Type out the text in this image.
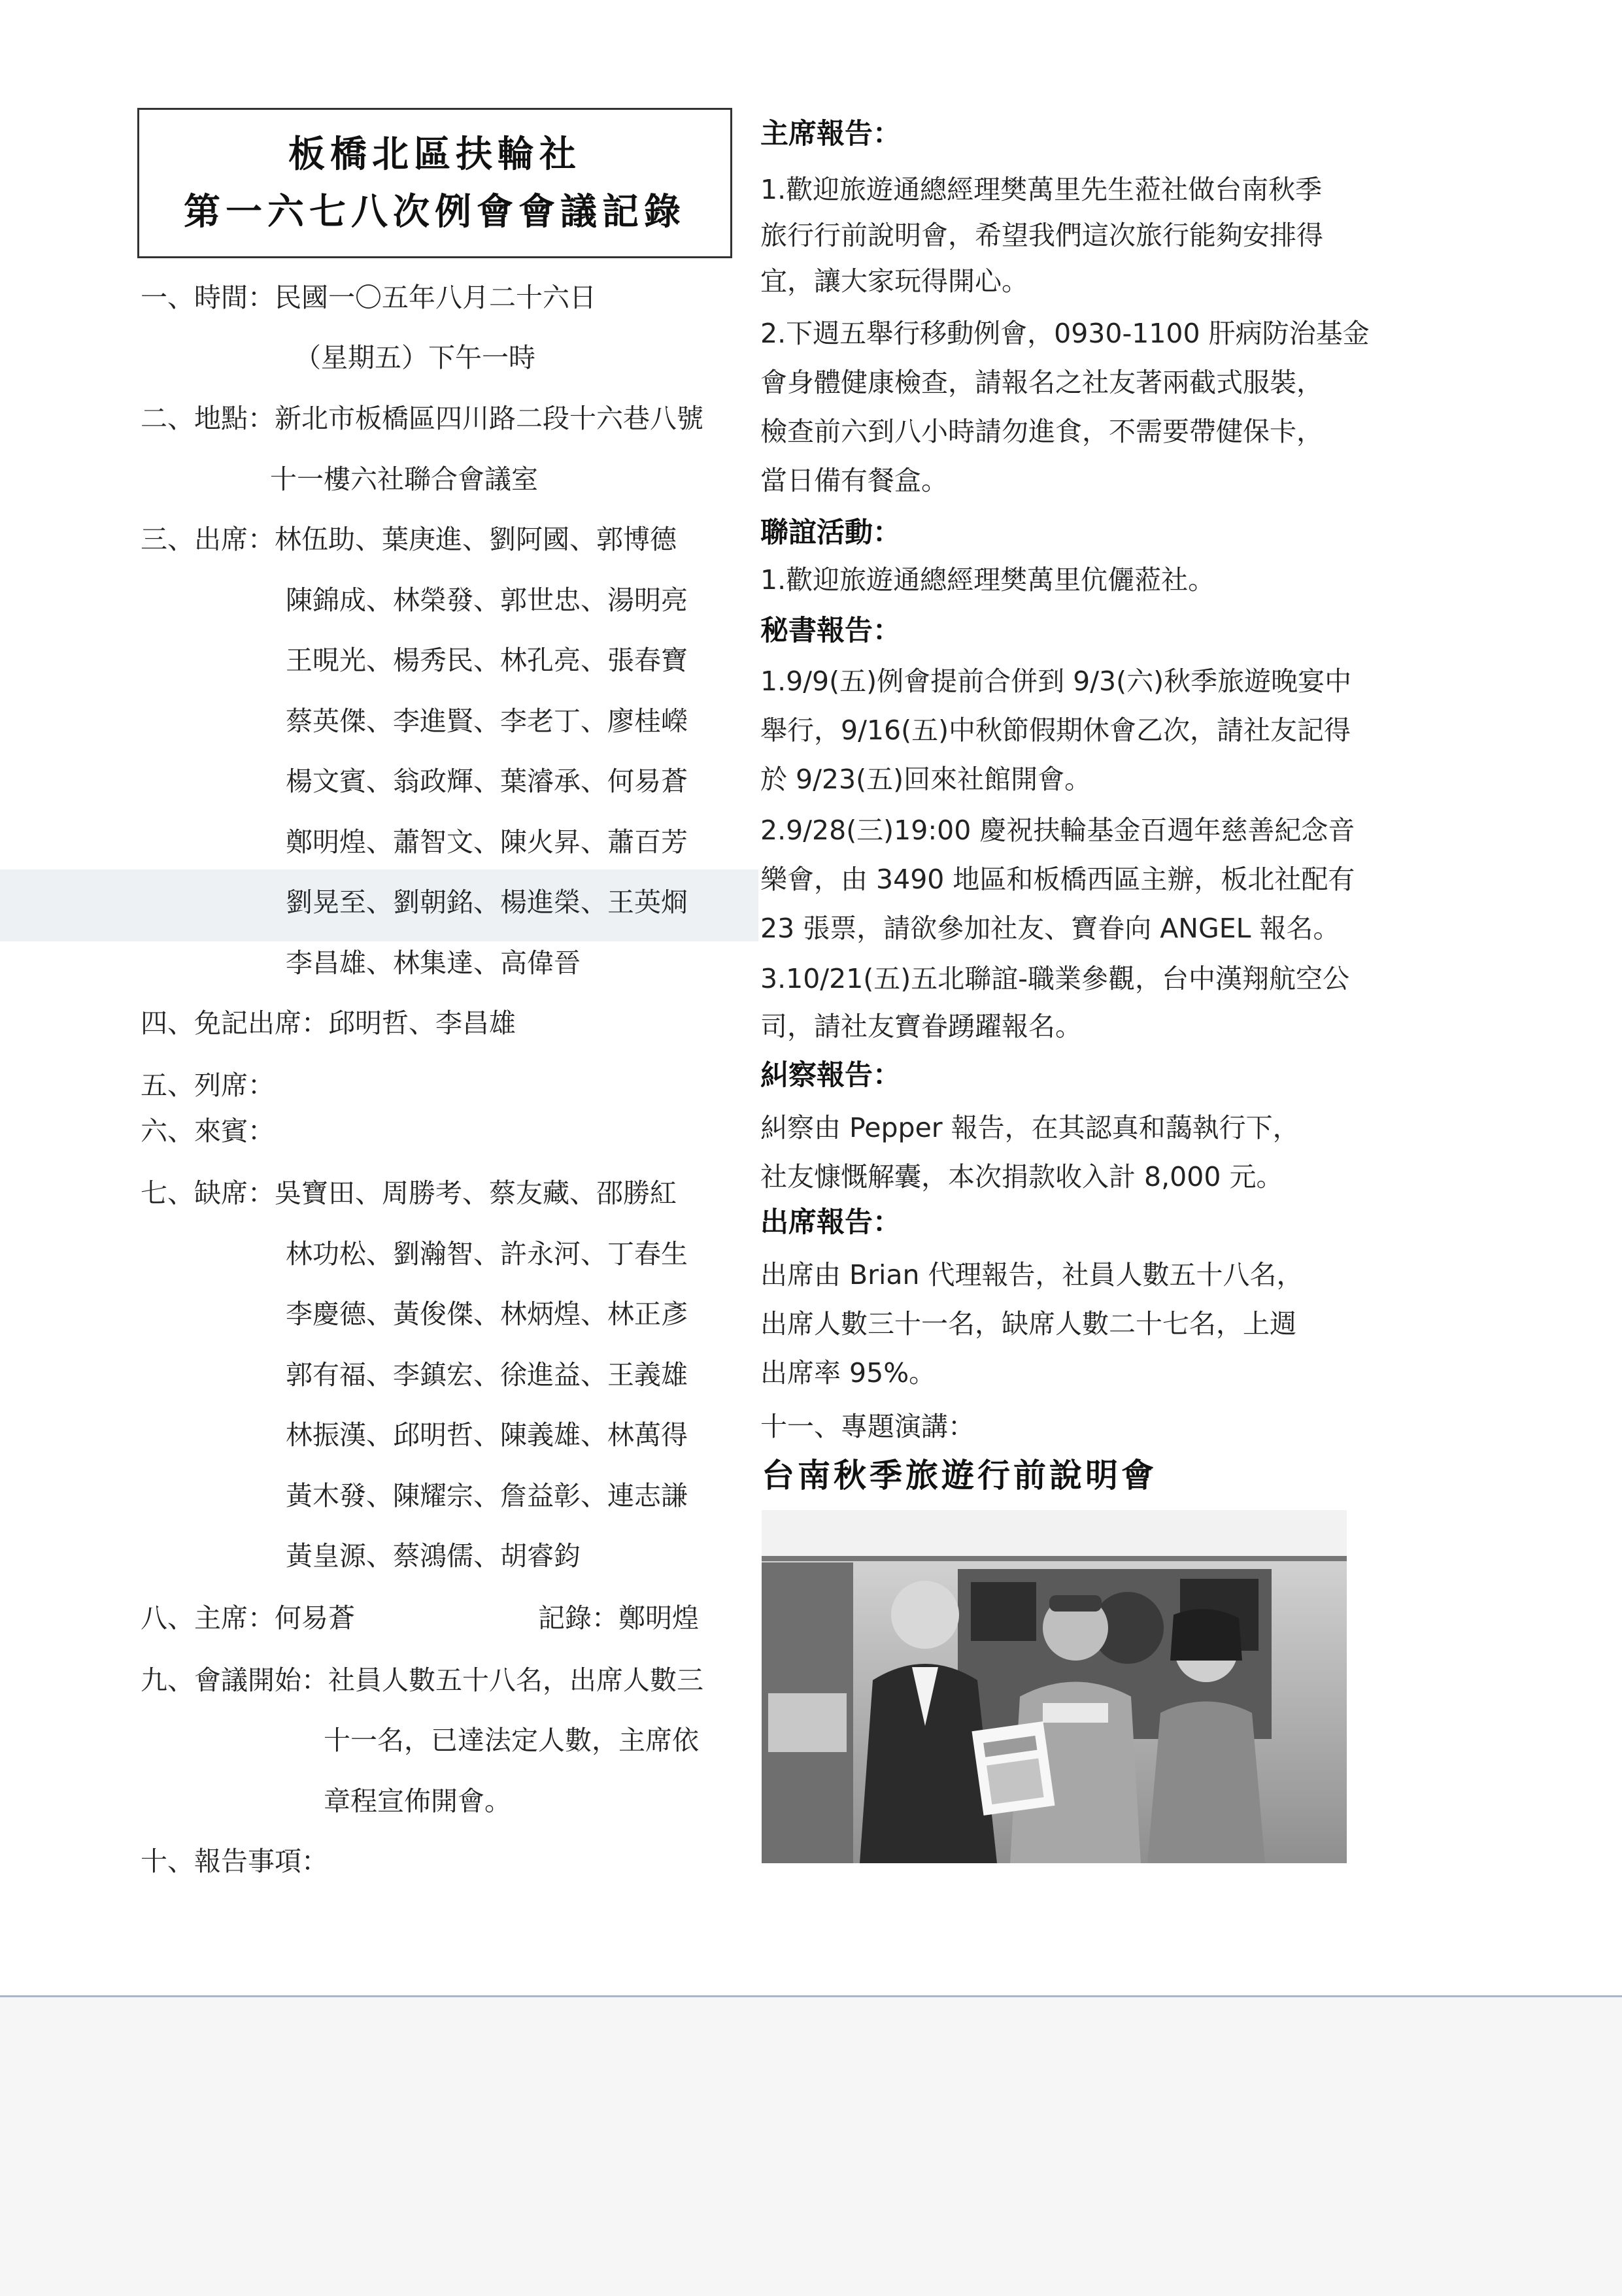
板橋北區扶輪社
第一六七八次例會會議記錄
一、時間：民國一〇五年八月二十六日
（星期五）下午一時
二、地點：新北市板橋區四川路二段十六巷八號
十一樓六社聯合會議室
三、出席：林伍助、葉庚進、劉阿國、郭博德
陳錦成、林榮發、郭世忠、湯明亮
王晛光、楊秀民、林孔亮、張春寶
蔡英傑、李進賢、李老丁、廖桂嶸
楊文賓、翁政輝、葉濬承、何易蒼
鄭明煌、蕭智文、陳火昇、蕭百芳
劉晃至、劉朝銘、楊進榮、王英烱
李昌雄、林集達、高偉晉
四、免記出席：邱明哲、李昌雄
五、列席：
六、來賓：
七、缺席：吳寶田、周勝考、蔡友藏、邵勝紅
林功松、劉瀚智、許永河、丁春生
李慶德、黃俊傑、林炳煌、林正彥
郭有福、李鎮宏、徐進益、王義雄
林振漢、邱明哲、陳義雄、林萬得
黃木發、陳耀宗、詹益彰、連志謙
黃皇源、蔡鴻儒、胡睿鈞
八、主席：何易蒼	記錄：鄭明煌
九、會議開始：社員人數五十八名，出席人數三
十一名，已達法定人數，主席依
章程宣佈開會。
十、報告事項：
主席報告：
1.歡迎旅遊通總經理樊萬里先生蒞社做台南秋季
旅行行前說明會，希望我們這次旅行能夠安排得
宜，讓大家玩得開心。
2.下週五舉行移動例會，0930-1100 肝病防治基金
會身體健康檢查，請報名之社友著兩截式服裝，
檢查前六到八小時請勿進食，不需要帶健保卡，
當日備有餐盒。
聯誼活動：
1.歡迎旅遊通總經理樊萬里伉儷蒞社。
秘書報告：
1.9/9(五)例會提前合併到 9/3(六)秋季旅遊晚宴中
舉行，9/16(五)中秋節假期休會乙次，請社友記得
於 9/23(五)回來社館開會。
2.9/28(三)19:00 慶祝扶輪基金百週年慈善紀念音
樂會，由 3490 地區和板橋西區主辦，板北社配有
23 張票，請欲參加社友、寶眷向 ANGEL 報名。
3.10/21(五)五北聯誼-職業參觀，台中漢翔航空公
司，請社友寶眷踴躍報名。
糾察報告：
糾察由 Pepper 報告，在其認真和藹執行下，
社友慷慨解囊，本次捐款收入計 8,000 元。
出席報告：
出席由 Brian 代理報告，社員人數五十八名，
出席人數三十一名，缺席人數二十七名，上週
出席率 95%。
十一、專題演講：
台南秋季旅遊行前說明會
